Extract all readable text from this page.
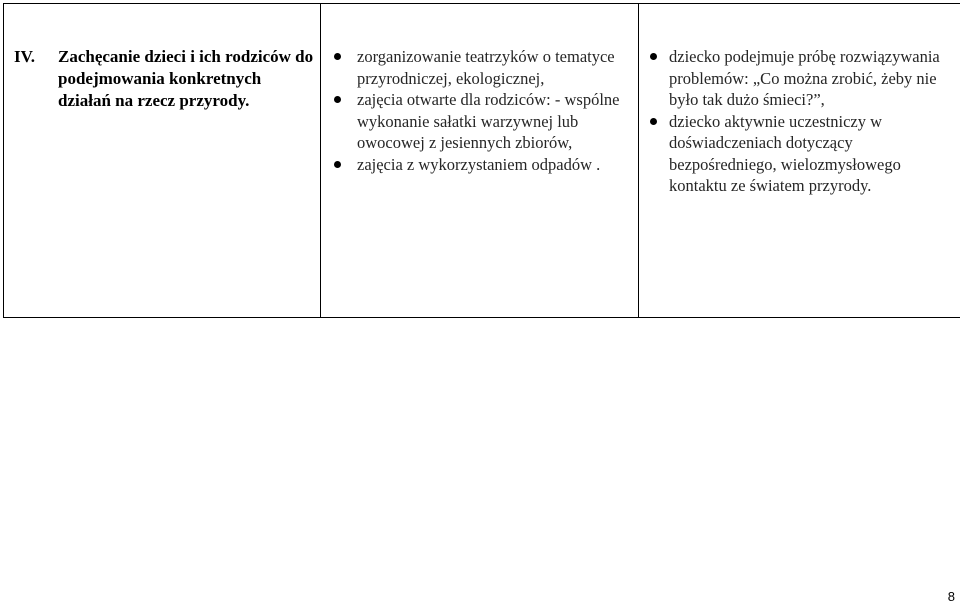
IV.	Zachęcanie dzieci i ich rodziców do podejmowania konkretnych działań na rzecz przyrody.

zorganizowanie teatrzyków o tematyce przyrodniczej, ekologicznej,
zajęcia otwarte dla rodziców: - wspólne wykonanie sałatki warzywnej lub owocowej z jesiennych zbiorów,
zajęcia z wykorzystaniem odpadów .

dziecko podejmuje próbę rozwiązywania problemów: „Co można zrobić, żeby nie było tak dużo śmieci?”,
dziecko aktywnie uczestniczy w doświadczeniach dotyczący bezpośredniego, wielozmysłowego kontaktu ze światem przyrody.
8
